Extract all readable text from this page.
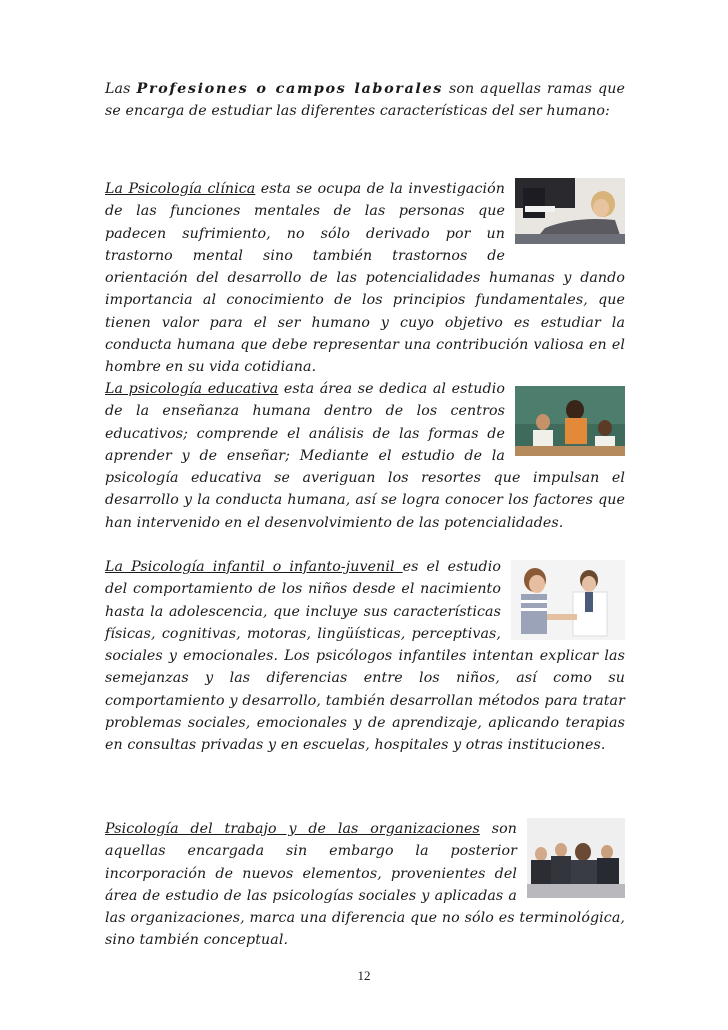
Las Profesiones o campos laborales son aquellas ramas que se encarga de estudiar las diferentes características del ser humano:

La Psicología clínica esta se ocupa de la investigación de las funciones mentales de las personas que padecen sufrimiento, no sólo derivado por un trastorno mental sino también trastornos de orientación del desarrollo de las potencialidades humanas y dando importancia al conocimiento de los principios fundamentales, que tienen valor para el ser humano y cuyo objetivo es estudiar la conducta humana que debe representar una contribución valiosa en el hombre en su vida cotidiana.

La psicología educativa esta área se dedica al estudio de la enseñanza humana dentro de los centros educativos; comprende el análisis de las formas de aprender y de enseñar; Mediante el estudio de la psicología educativa se averiguan los resortes que impulsan el desarrollo y la conducta humana, así se logra conocer los factores que han intervenido en el desenvolvimiento de las potencialidades.

La Psicología infantil o infanto-juvenil es el estudio del comportamiento de los niños desde el nacimiento hasta la adolescencia, que incluye sus características físicas, cognitivas, motoras, lingüísticas, perceptivas, sociales y emocionales. Los psicólogos infantiles intentan explicar las semejanzas y las diferencias entre los niños, así como su comportamiento y desarrollo, también desarrollan métodos para tratar problemas sociales, emocionales y de aprendizaje, aplicando terapias en consultas privadas y en escuelas, hospitales y otras instituciones.

Psicología del trabajo y de las organizaciones son aquellas encargada sin embargo la posterior incorporación de nuevos elementos, provenientes del área de estudio de las psicologías sociales y aplicadas a las organizaciones, marca una diferencia que no sólo es terminológica, sino también conceptual.

12
